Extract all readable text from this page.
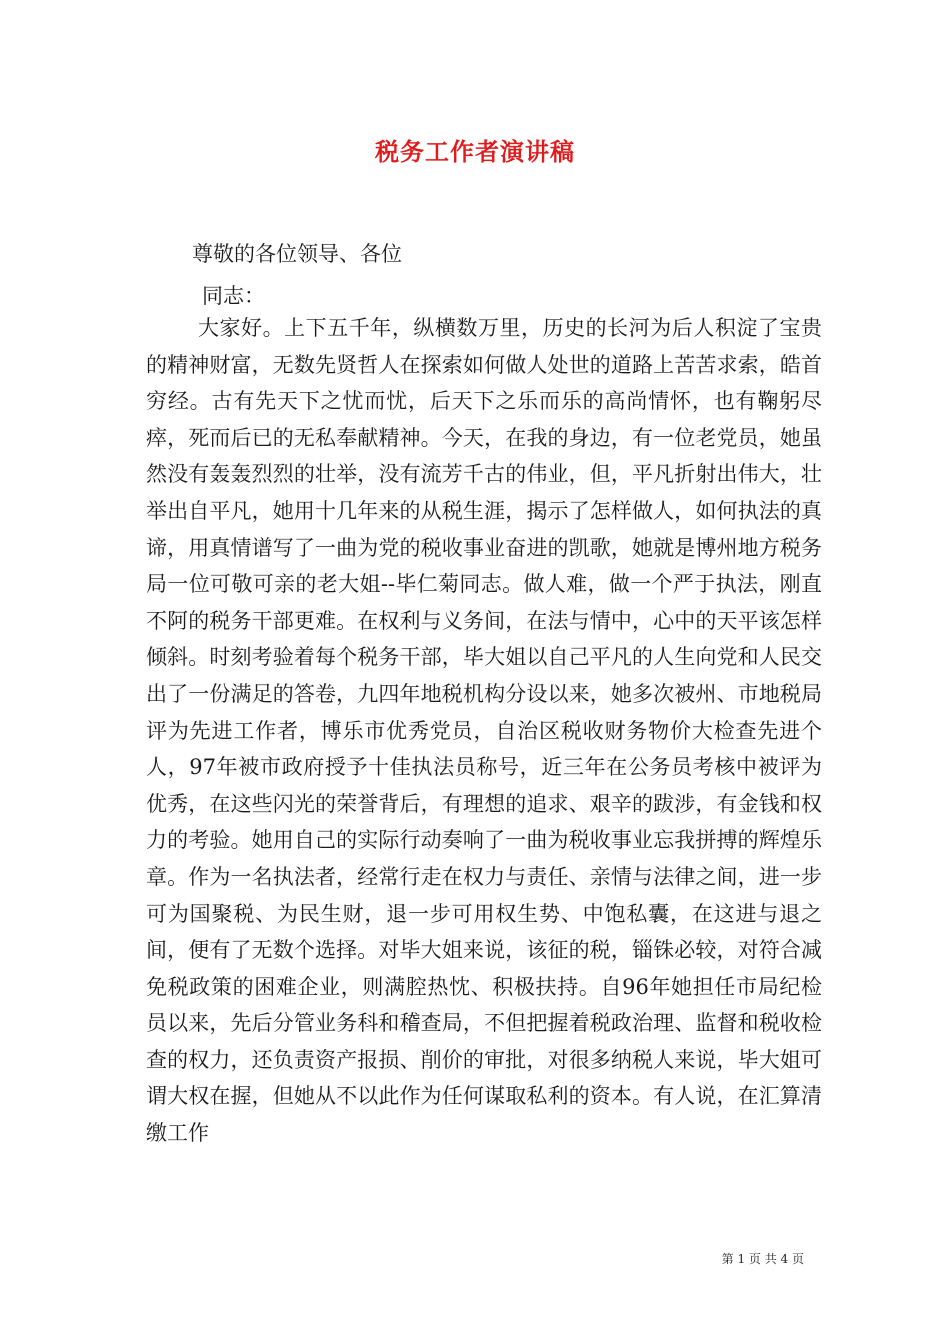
税务工作者演讲稿
尊敬的各位领导、各位
同志：

大家好。上下五千年，纵横数万里，历史的长河为后人积淀了宝贵的精神财富，无数先贤哲人在探索如何做人处世的道路上苦苦求索，皓首穷经。古有先天下之忧而忧，后天下之乐而乐的高尚情怀，也有鞠躬尽瘁，死而后已的无私奉献精神。今天，在我的身边，有一位老党员，她虽然没有轰轰烈烈的壮举，没有流芳千古的伟业，但，平凡折射出伟大，壮举出自平凡，她用十几年来的从税生涯，揭示了怎样做人，如何执法的真谛，用真情谱写了一曲为党的税收事业奋进的凯歌，她就是博州地方税务局一位可敬可亲的老大姐--毕仁菊同志。做人难，做一个严于执法，刚直不阿的税务干部更难。在权利与义务间，在法与情中，心中的天平该怎样倾斜。时刻考验着每个税务干部，毕大姐以自己平凡的人生向党和人民交出了一份满足的答卷，九四年地税机构分设以来，她多次被州、市地税局评为先进工作者，博乐市优秀党员，自治区税收财务物价大检查先进个人，97年被市政府授予十佳执法员称号，近三年在公务员考核中被评为优秀，在这些闪光的荣誉背后，有理想的追求、艰辛的跋涉，有金钱和权力的考验。她用自己的实际行动奏响了一曲为税收事业忘我拼搏的辉煌乐章。作为一名执法者，经常行走在权力与责任、亲情与法律之间，进一步可为国聚税、为民生财，退一步可用权生势、中饱私囊，在这进与退之间，便有了无数个选择。对毕大姐来说，该征的税，锱铢必较，对符合减免税政策的困难企业，则满腔热忱、积极扶持。自96年她担任市局纪检员以来，先后分管业务科和稽查局，不但把握着税政治理、监督和税收检查的权力，还负责资产报损、削价的审批，对很多纳税人来说，毕大姐可谓大权在握，但她从不以此作为任何谋取私利的资本。有人说，在汇算清缴工作

第 1 页 共 4 页
